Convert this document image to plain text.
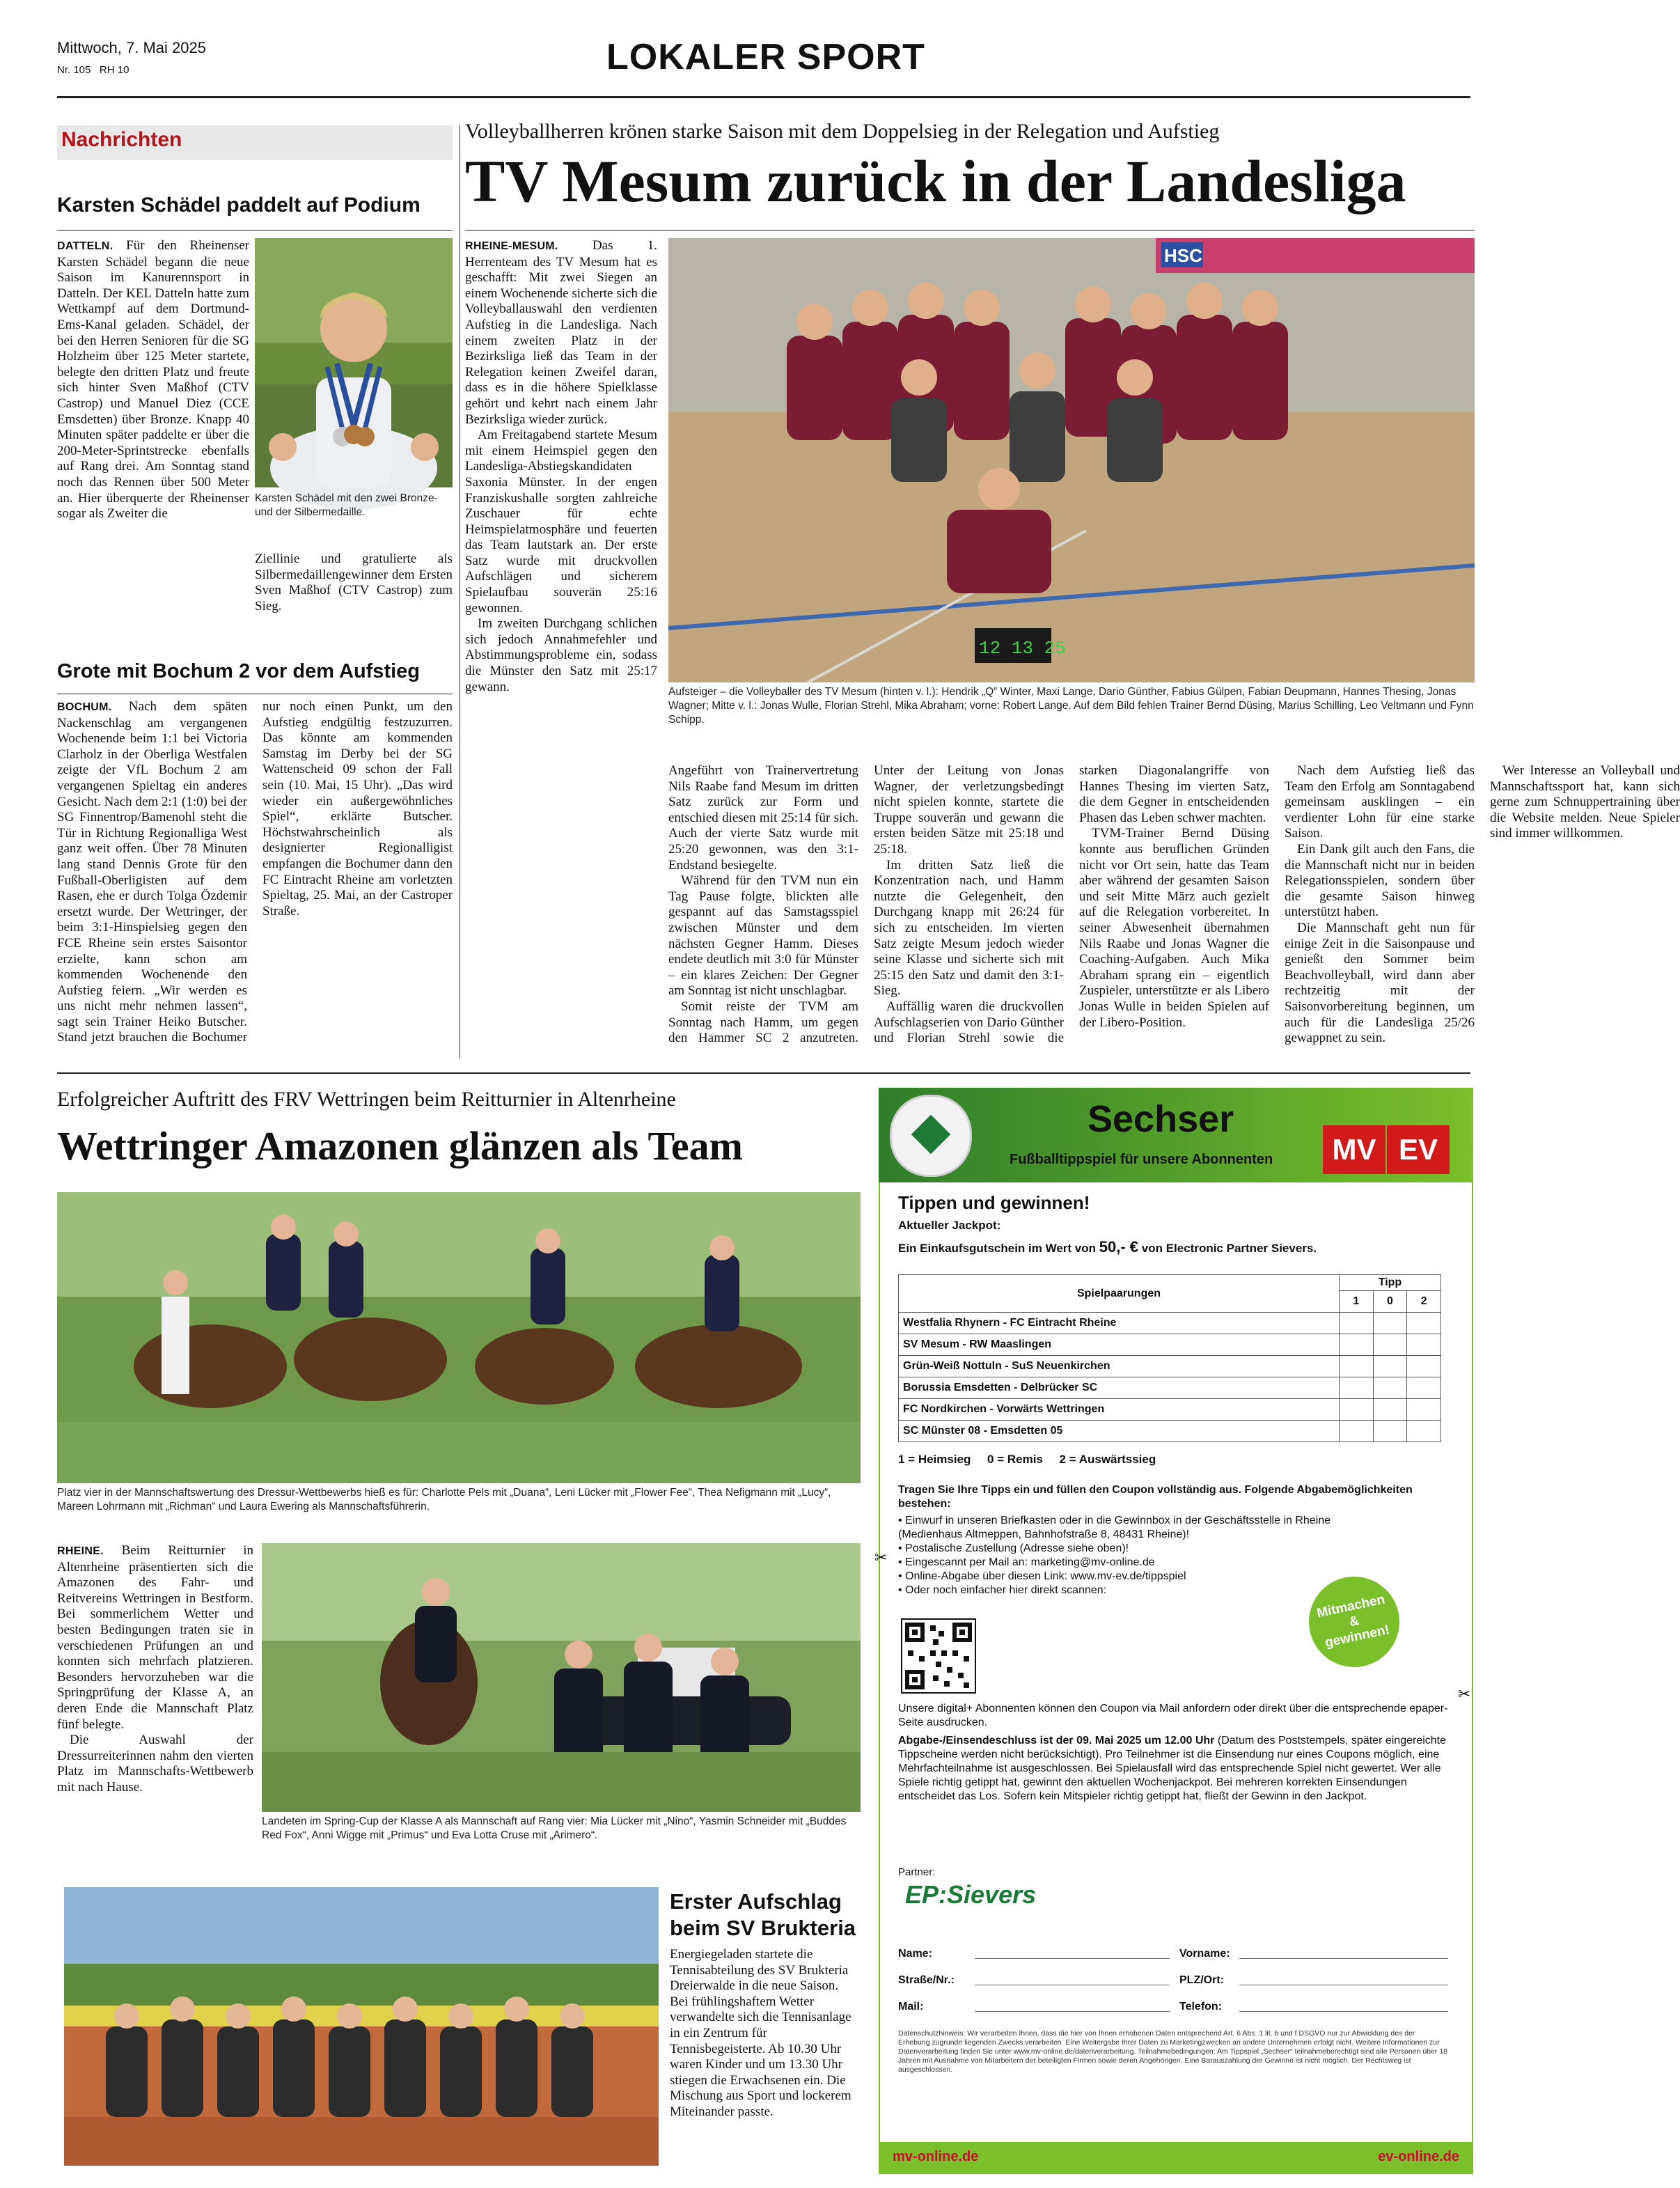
Mittwoch, 7. Mai 2025
Nr. 105 RH 10	LOKALER SPORT
Nachrichten
Karsten Schädel paddelt auf Podium

DATTELN. Für den Rheinenser Karsten Schädel begann die neue Saison im Kanurennsport in Datteln. Der KEL Datteln hatte zum Wettkampf auf dem Dortmund-Ems-Kanal geladen. Schädel, der bei den Herren Senioren für die SG Holzheim über 125 Meter startete, belegte den dritten Platz und freute sich hinter Sven Maßhof (CTV Castrop) und Manuel Diez (CCE Emsdetten) über Bronze. Knapp 40 Minuten später paddelte er über die 200-Meter-Sprintstrecke ebenfalls auf Rang drei. Am Sonntag stand noch das Rennen über 500 Meter an. Hier überquerte der Rheinenser sogar als Zweiter die

Karsten Schädel mit den zwei Bronze- und der Silbermedaille.
Ziellinie und gratulierte als Silbermedaillengewinner dem Ersten Sven Maßhof (CTV Castrop) zum Sieg.
Grote mit Bochum 2 vor dem Aufstieg

BOCHUM. Nach dem späten Nackenschlag am vergangenen Wochenende beim 1:1 bei Victoria Clarholz in der Oberliga Westfalen zeigte der VfL Bochum 2 am vergangenen Spieltag ein anderes Gesicht. Nach dem 2:1 (1:0) bei der SG Finnentrop/Bamenohl steht die Tür in Richtung Regionalliga West ganz weit offen. Über 78 Minuten lang stand Dennis Grote für den Fußball-Oberligisten auf dem Rasen, ehe er durch Tolga Özdemir ersetzt wurde. Der Wettringer, der beim 3:1-Hinspielsieg gegen den FCE Rheine sein erstes Saisontor erzielte, kann schon am kommenden Wochenende den Aufstieg feiern. „Wir werden es uns nicht mehr nehmen lassen“, sagt sein Trainer Heiko Butscher. Stand jetzt brauchen die Bochumer nur noch einen Punkt, um den Aufstieg endgültig festzuzurren. Das könnte am kommenden Samstag im Derby bei der SG Wattenscheid 09 schon der Fall sein (10. Mai, 15 Uhr). „Das wird wieder ein außergewöhnliches Spiel“, erklärte Butscher. Höchstwahrscheinlich als designierter Regionalligist empfangen die Bochumer dann den FC Eintracht Rheine am vorletzten Spieltag, 25. Mai, an der Castroper Straße.

Volleyballherren krönen starke Saison mit dem Doppelsieg in der Relegation und Aufstieg
TV Mesum zurück in der Landesliga

RHEINE-MESUM.	Das 1. Herrenteam des TV Mesum hat es geschafft: Mit zwei Siegen an einem Wochenende sicherte sich die Volleyballauswahl den verdienten Aufstieg in die Landesliga. Nach einem zweiten Platz in der Bezirksliga ließ das Team in der Relegation keinen Zweifel daran, dass es in die höhere Spielklasse gehört und kehrt nach einem Jahr Bezirksliga wieder zurück.

Am Freitagabend startete Mesum mit einem Heimspiel gegen den Landesliga-Abstiegskandidaten Saxonia Münster. In der engen Franziskushalle sorgten zahlreiche Zuschauer für echte Heimspielatmosphäre und feuerten das Team lautstark an. Der erste Satz wurde mit druckvollen Aufschlägen und sicherem Spielaufbau souverän 25:16 gewonnen.

Im zweiten Durchgang schlichen sich jedoch Annahmefehler und Abstimmungsprobleme ein, sodass die Münster den Satz mit 25:17 gewann.

HSC
12 13 25
Aufsteiger – die Volleyballer des TV Mesum (hinten v. l.): Hendrik „Q“ Winter, Maxi Lange, Dario Günther, Fabius Gülpen, Fabian Deupmann, Hannes Thesing, Jonas Wagner; Mitte v. l.: Jonas Wulle, Florian Strehl, Mika Abraham; vorne: Robert Lange. Auf dem Bild fehlen Trainer Bernd Düsing, Marius Schilling, Leo Veltmann und Fynn Schipp.

Angeführt von Trainervertretung Nils Raabe fand Mesum im dritten Satz zurück zur Form und entschied diesen mit 25:14 für sich. Auch der vierte Satz wurde mit 25:20 gewonnen, was den 3:1-Endstand besiegelte.

Während für den TVM nun ein Tag Pause folgte, blickten alle gespannt auf das Samstagsspiel zwischen Münster und dem nächsten Gegner Hamm. Dieses endete deutlich mit 3:0 für Münster – ein klares Zeichen: Der Gegner am Sonntag ist nicht unschlagbar.

Somit reiste der TVM am Sonntag nach Hamm, um gegen den Hammer SC 2 anzutreten. Unter der Leitung von Jonas Wagner, der verletzungsbedingt nicht spielen konnte, startete die Truppe souverän und gewann die ersten beiden Sätze mit 25:18 und 25:18.

Im dritten Satz ließ die Konzentration nach, und Hamm nutzte die Gelegenheit, den Durchgang knapp mit 26:24 für sich zu entscheiden. Im vierten Satz zeigte Mesum jedoch wieder seine Klasse und sicherte sich mit 25:15 den Satz und damit den 3:1-Sieg.

Auffällig waren die druckvollen Aufschlagserien von Dario Günther und Florian Strehl sowie die starken Diagonalangriffe von Hannes Thesing im vierten Satz, die dem Gegner in entscheidenden Phasen das Leben schwer machten.

TVM-Trainer Bernd Düsing konnte aus beruflichen Gründen nicht vor Ort sein, hatte das Team aber während der gesamten Saison und seit Mitte März auch gezielt auf die Relegation vorbereitet. In seiner Abwesenheit übernahmen Nils Raabe und Jonas Wagner die Coaching-Aufgaben. Auch Mika Abraham sprang ein – eigentlich Zuspieler, unterstützte er als Libero Jonas Wulle in beiden Spielen auf der Libero-Position.

Nach dem Aufstieg ließ das Team den Erfolg am Sonntagabend gemeinsam ausklingen – ein verdienter Lohn für eine starke Saison.

Ein Dank gilt auch den Fans, die die Mannschaft nicht nur in beiden Relegationsspielen, sondern über die gesamte Saison hinweg unterstützt haben.

Die Mannschaft geht nun für einige Zeit in die Saisonpause und genießt den Sommer beim Beachvolleyball, wird dann aber rechtzeitig mit der Saisonvorbereitung beginnen, um auch für die Landesliga 25/26 gewappnet zu sein.

Wer Interesse an Volleyball und Mannschaftssport hat, kann sich gerne zum Schnuppertraining über die Website melden. Neue Spieler sind immer willkommen.

Erfolgreicher Auftritt des FRV Wettringen beim Reitturnier in Altenrheine
Wettringer Amazonen glänzen als Team
Platz vier in der Mannschaftswertung des Dressur-Wettbewerbs hieß es für: Charlotte Pels mit „Duana“, Leni Lücker mit „Flower Fee“, Thea Nefigmann mit „Lucy“, Mareen Lohrmann mit „Richman“ und Laura Ewering als Mannschaftsführerin.

RHEINE. Beim Reitturnier in Altenrheine präsentierten sich die Amazonen des Fahr- und Reitvereins Wettringen in Bestform. Bei sommerlichem Wetter und besten Bedingungen traten sie in verschiedenen Prüfungen an und konnten sich mehrfach platzieren. Besonders hervorzuheben war die Springprüfung der Klasse A, an deren Ende die Mannschaft Platz fünf belegte.

Die Auswahl der Dressurreiterinnen nahm den vierten Platz im Mannschafts-Wettbewerb mit nach Hause.

Landeten im Spring-Cup der Klasse A als Mannschaft auf Rang vier: Mia Lücker mit „Nino“, Yasmin Schneider mit „Buddes Red Fox“, Anni Wigge mit „Primus“ und Eva Lotta Cruse mit „Arimero“.
Erster Aufschlag beim SV Brukteria
Energiegeladen startete die Tennisabteilung des SV Brukteria Dreierwalde in die neue Saison. Bei frühlingshaftem Wetter verwandelte sich die Tennisanlage in ein Zentrum für Tennisbegeisterte. Ab 10.30 Uhr waren Kinder und um 13.30 Uhr stiegen die Erwachsenen ein. Die Mischung aus Sport und lockerem Miteinander passte.
Sechser
Fußballtippspiel für unsere Abonnenten	MV EV
Tippen und gewinnen!
Aktueller Jackpot:
Ein Einkaufsgutschein im Wert von 50,- € von Electronic Partner Sievers.
Spielpaarungen	Tipp		
	1	0	2
Westfalia Rhynern - FC Eintracht Rheine			
SV Mesum - RW Maaslingen			
Grün-Weiß Nottuln - SuS Neuenkirchen			
Borussia Emsdetten - Delbrücker SC			
FC Nordkirchen - Vorwärts Wettringen			
SC Münster 08 - Emsdetten 05			
1 = Heimsieg     0 = Remis     2 = Auswärtssieg
Tragen Sie Ihre Tipps ein und füllen den Coupon vollständig aus. Folgende Abgabemöglichkeiten bestehen:
• Einwurf in unseren Briefkasten oder in die Gewinnbox in der Geschäftsstelle in Rheine (Medienhaus Altmeppen, Bahnhofstraße 8, 48431 Rheine)!
• Postalische Zustellung (Adresse siehe oben)!
• Eingescannt per Mail an: marketing@mv-online.de
• Online-Abgabe über diesen Link: www.mv-ev.de/tippspiel
• Oder noch einfacher hier direkt scannen:
Mitmachen & gewinnen!
✂
✂
Unsere digital+ Abonnenten können den Coupon via Mail anfordern oder direkt über die entsprechende epaper-Seite ausdrucken.
Abgabe-/Einsendeschluss ist der 09. Mai 2025 um 12.00 Uhr (Datum des Poststempels, später eingereichte Tippscheine werden nicht berücksichtigt). Pro Teilnehmer ist die Einsendung nur eines Coupons möglich, eine Mehrfachteilnahme ist ausgeschlossen. Bei Spielausfall wird das entsprechende Spiel nicht gewertet. Wer alle Spiele richtig getippt hat, gewinnt den aktuellen Wochenjackpot. Bei mehreren korrekten Einsendungen entscheidet das Los. Sofern kein Mitspieler richtig getippt hat, fließt der Gewinn in den Jackpot.
Partner:
EP:Sievers
Name:	Vorname:
Straße/Nr.:	PLZ/Ort:
Mail:	Telefon:
Datenschutzhinweis: Wir verarbeiten Ihnen, dass die hier von Ihnen erhobenen Daten entsprechend Art. 6 Abs. 1 lit. b und f DSGVO nur zur Abwicklung des der Erhebung zugrunde liegenden Zwecks verarbeiten. Eine Weitergabe Ihrer Daten zu Marketingzwecken an andere Unternehmen erfolgt nicht. Weitere Informationen zur Datenverarbeitung finden Sie unter www.mv-online.de/datenverarbeitung. Teilnahmebedingungen: Am Tippspiel „Sechser“ teilnahmeberechtigt sind alle Personen über 18 Jahren mit Ausnahme von Mitarbeitern der beteiligten Firmen sowie deren Angehörigen. Eine Barauszahlung der Gewinne ist nicht möglich. Der Rechtsweg ist ausgeschlossen.
mv-online.de	ev-online.de
